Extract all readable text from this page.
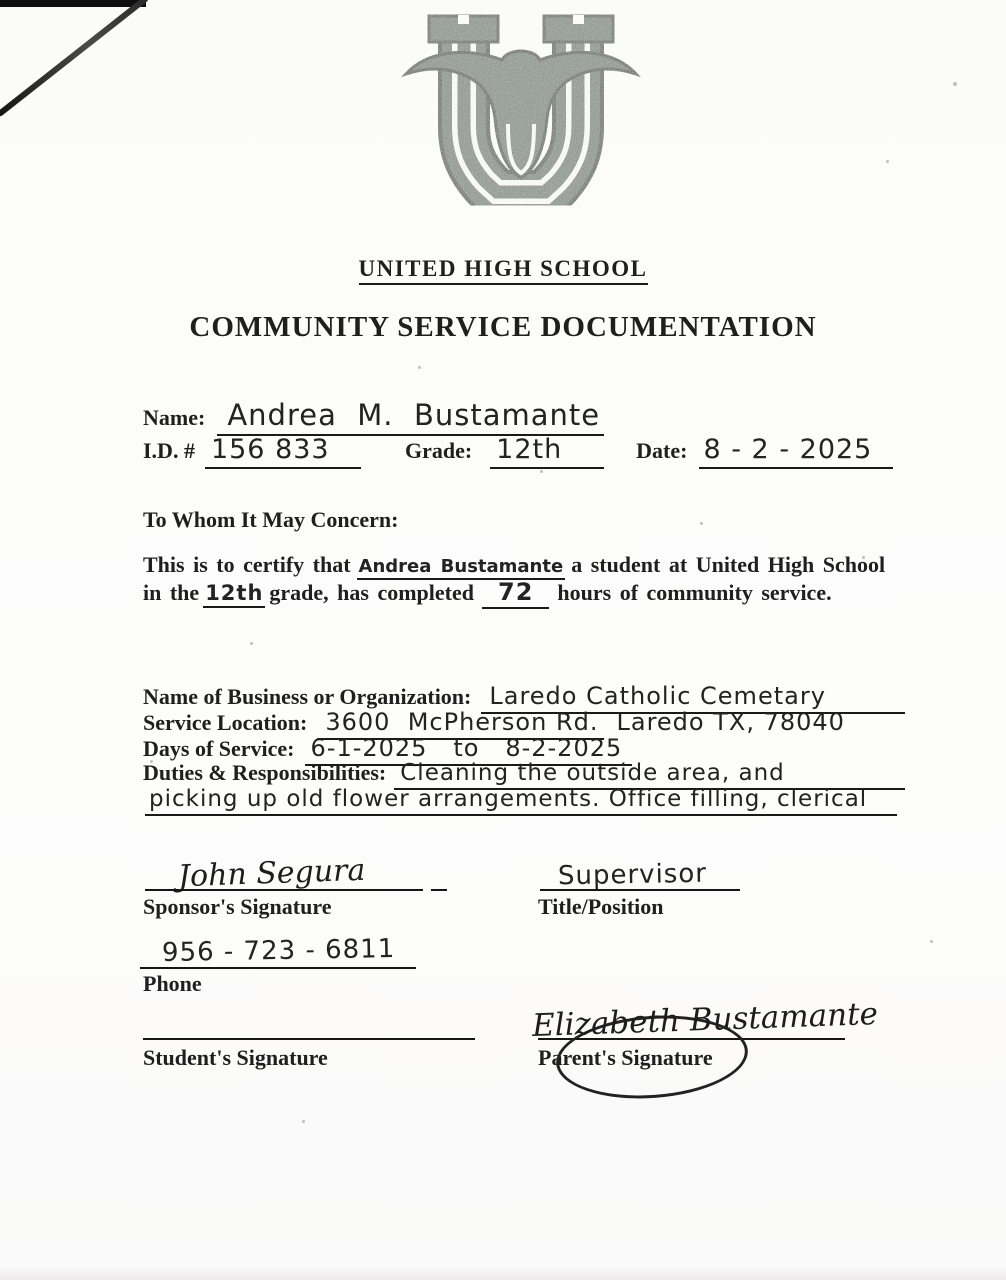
UNITED HIGH SCHOOL
COMMUNITY SERVICE DOCUMENTATION
Name: Andrea  M.  Bustamante
I.D. # 156 833	Grade: 12th	Date: 8 - 2 - 2025
To Whom It May Concern:
This is to certify that Andrea Bustamante a student at United High School
in the 12th grade, has completed	72	hours of community service.
Name of Business or Organization: Laredo Catholic Cemetary
Service Location: 3600  McPherson Rd. Laredo TX, 78040
Days of Service: 6-1-2025   to   8-2-2025
Duties & Responsibilities: Cleaning the outside area, and
picking up old flower arrangements. Office filling, clerical
John Segura
Sponsor's Signature
Supervisor
Title/Position
956 - 723 - 6811
Phone
Student's Signature
Elizabeth Bustamante
Parent's Signature
